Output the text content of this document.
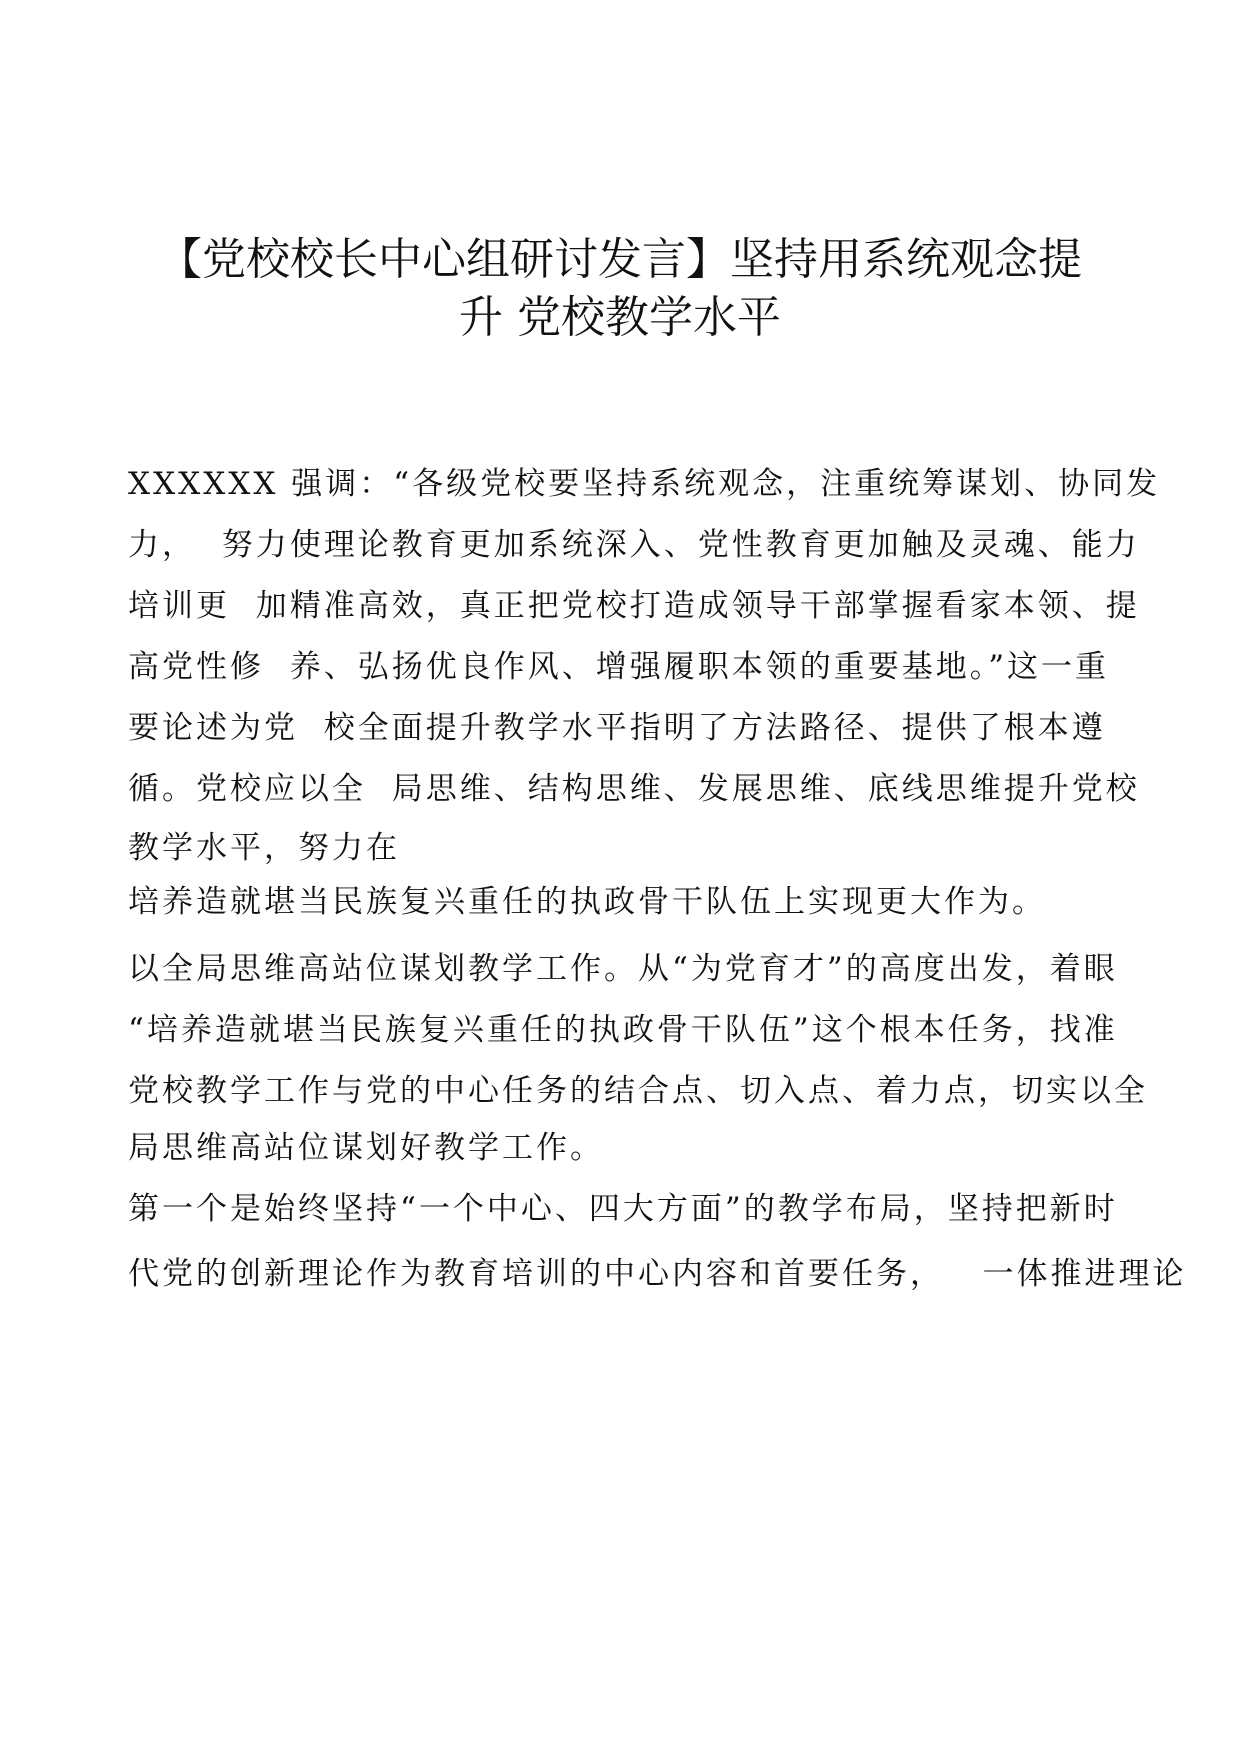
【党校校长中心组研讨发言】坚持用系统观念提
升 党校教学水平
XXXXXX 强调：“各级党校要坚持系统观念，注重统筹谋划、协同发
力，  努力使理论教育更加系统深入、党性教育更加触及灵魂、能力
培训更  加精准高效，真正把党校打造成领导干部掌握看家本领、提
高党性修  养、弘扬优良作风、增强履职本领的重要基地。”这一重
要论述为党  校全面提升教学水平指明了方法路径、提供了根本遵
循。党校应以全  局思维、结构思维、发展思维、底线思维提升党校
教学水平，努力在
培养造就堪当民族复兴重任的执政骨干队伍上实现更大作为。
以全局思维高站位谋划教学工作。从“为党育才”的高度出发，着眼
“培养造就堪当民族复兴重任的执政骨干队伍”这个根本任务，找准
党校教学工作与党的中心任务的结合点、切入点、着力点，切实以全
局思维高站位谋划好教学工作。
第一个是始终坚持“一个中心、四大方面”的教学布局，坚持把新时
代党的创新理论作为教育培训的中心内容和首要任务，   一体推进理论
